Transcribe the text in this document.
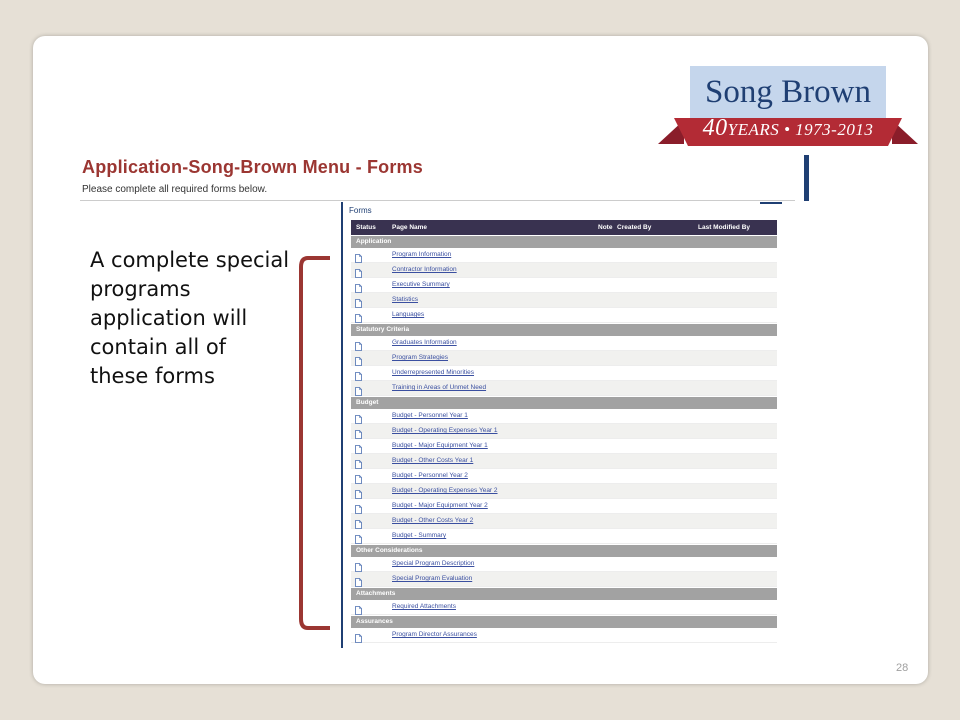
Song Brown
40YEARS • 1973-2013
Application-Song-Brown Menu - Forms
Please complete all required forms below.
A complete special programs application will contain all of these forms
Forms
Status Page Name	Note Created By	Last Modified By
Application
Program Information
Contractor Information
Executive Summary
Statistics
Languages
Statutory Criteria
Graduates Information
Program Strategies
Underrepresented Minorities
Training in Areas of Unmet Need
Budget
Budget - Personnel Year 1
Budget - Operating Expenses Year 1
Budget - Major Equipment Year 1
Budget - Other Costs Year 1
Budget - Personnel Year 2
Budget - Operating Expenses Year 2
Budget - Major Equipment Year 2
Budget - Other Costs Year 2
Budget - Summary
Other Considerations
Special Program Description
Special Program Evaluation
Attachments
Required Attachments
Assurances
Program Director Assurances
28
